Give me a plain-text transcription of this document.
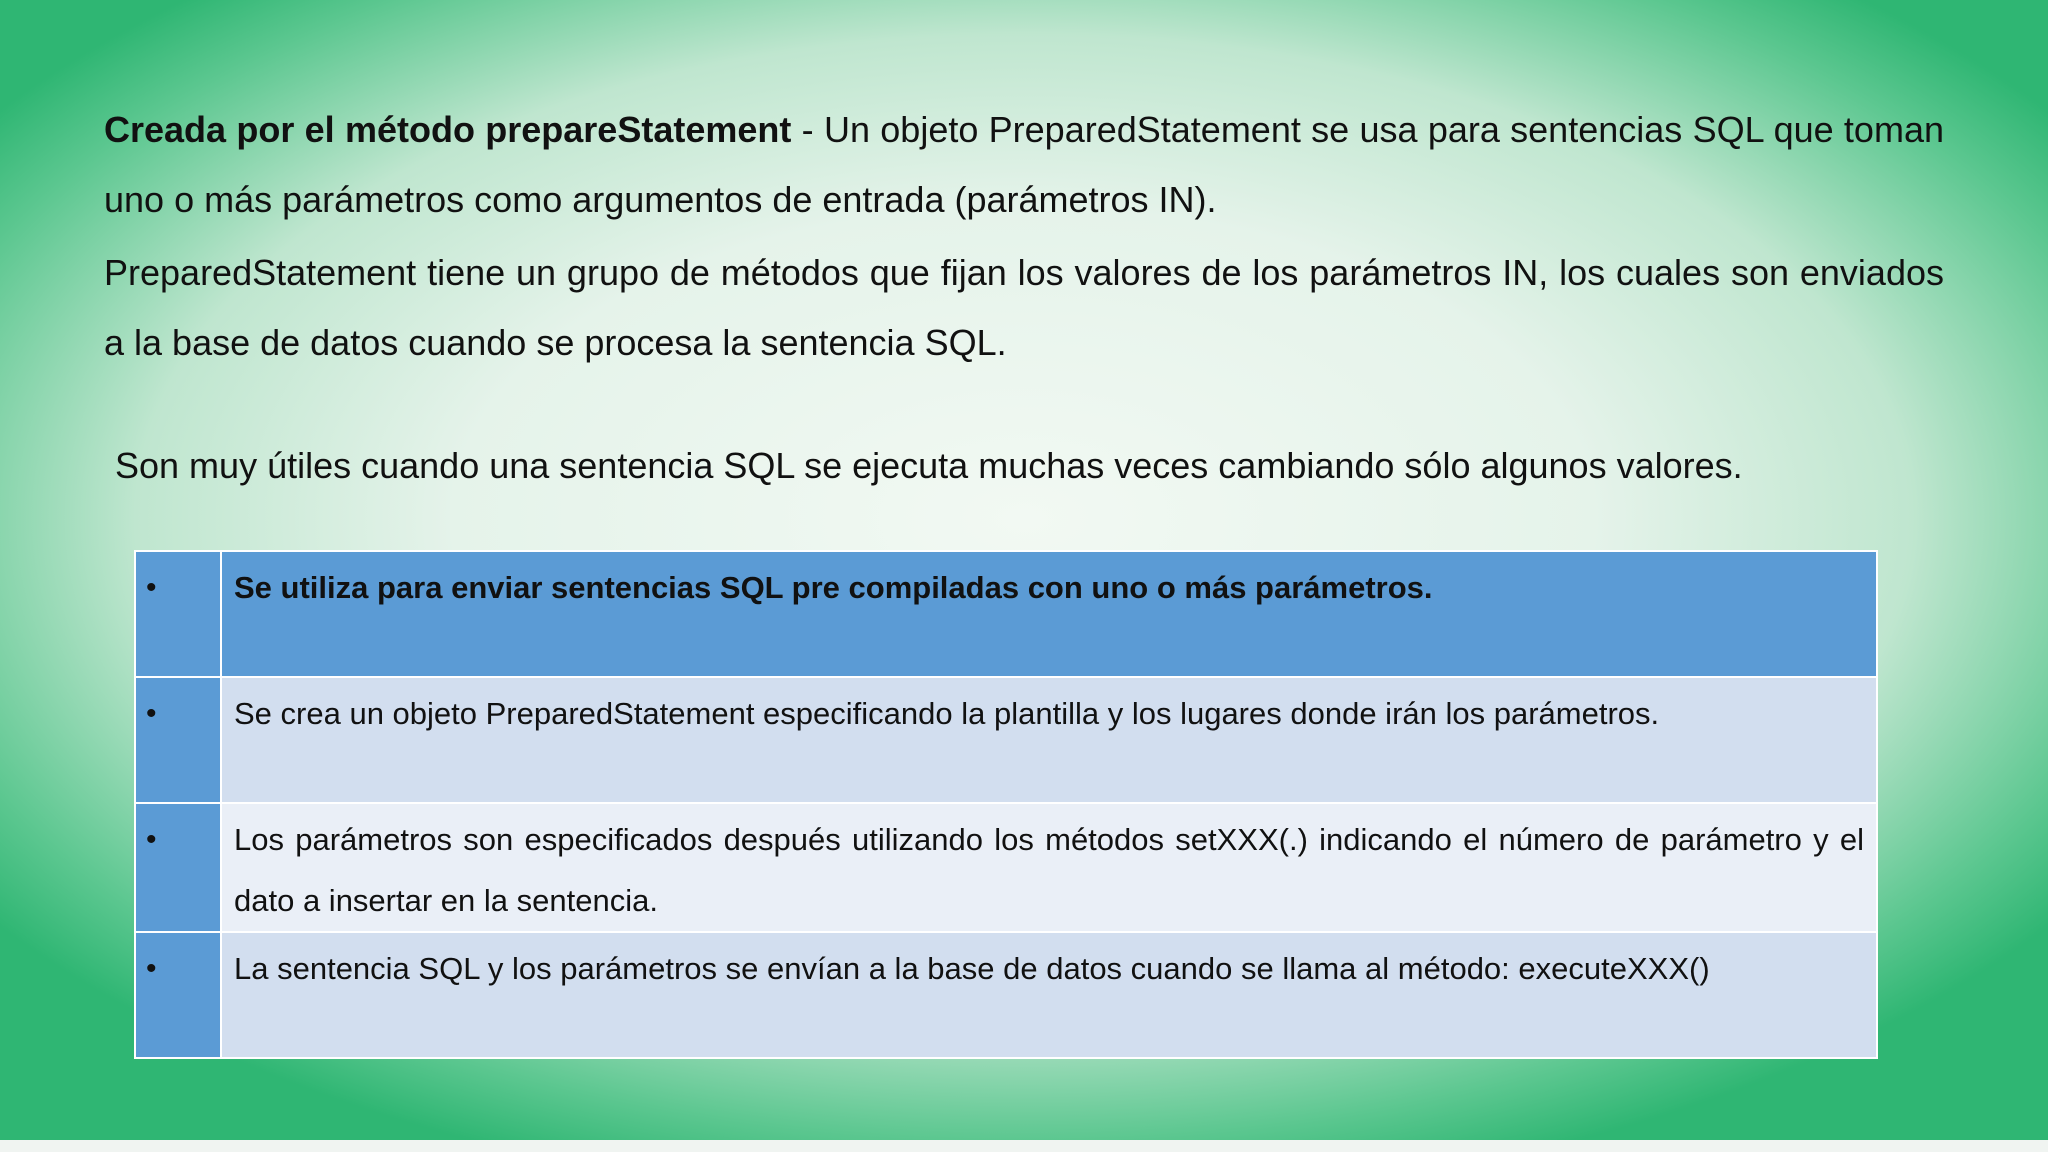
Creada por el método prepareStatement - Un objeto PreparedStatement se usa para sentencias SQL que toman uno o más parámetros como argumentos de entrada (parámetros IN).

PreparedStatement tiene un grupo de métodos que fijan los valores de los parámetros IN, los cuales son enviados a la base de datos cuando se procesa la sentencia SQL.

Son muy útiles cuando una sentencia SQL se ejecuta muchas veces cambiando sólo algunos valores.

•	Se utiliza para enviar sentencias SQL pre compiladas con uno o más parámetros.

•	Se crea un objeto PreparedStatement especificando la plantilla y los lugares donde irán los parámetros.

•	Los parámetros son especificados después utilizando los métodos setXXX(.) indicando el número de parámetro y el dato a insertar en la sentencia.

•	La sentencia SQL y los parámetros se envían a la base de datos cuando se llama al método: executeXXX()
